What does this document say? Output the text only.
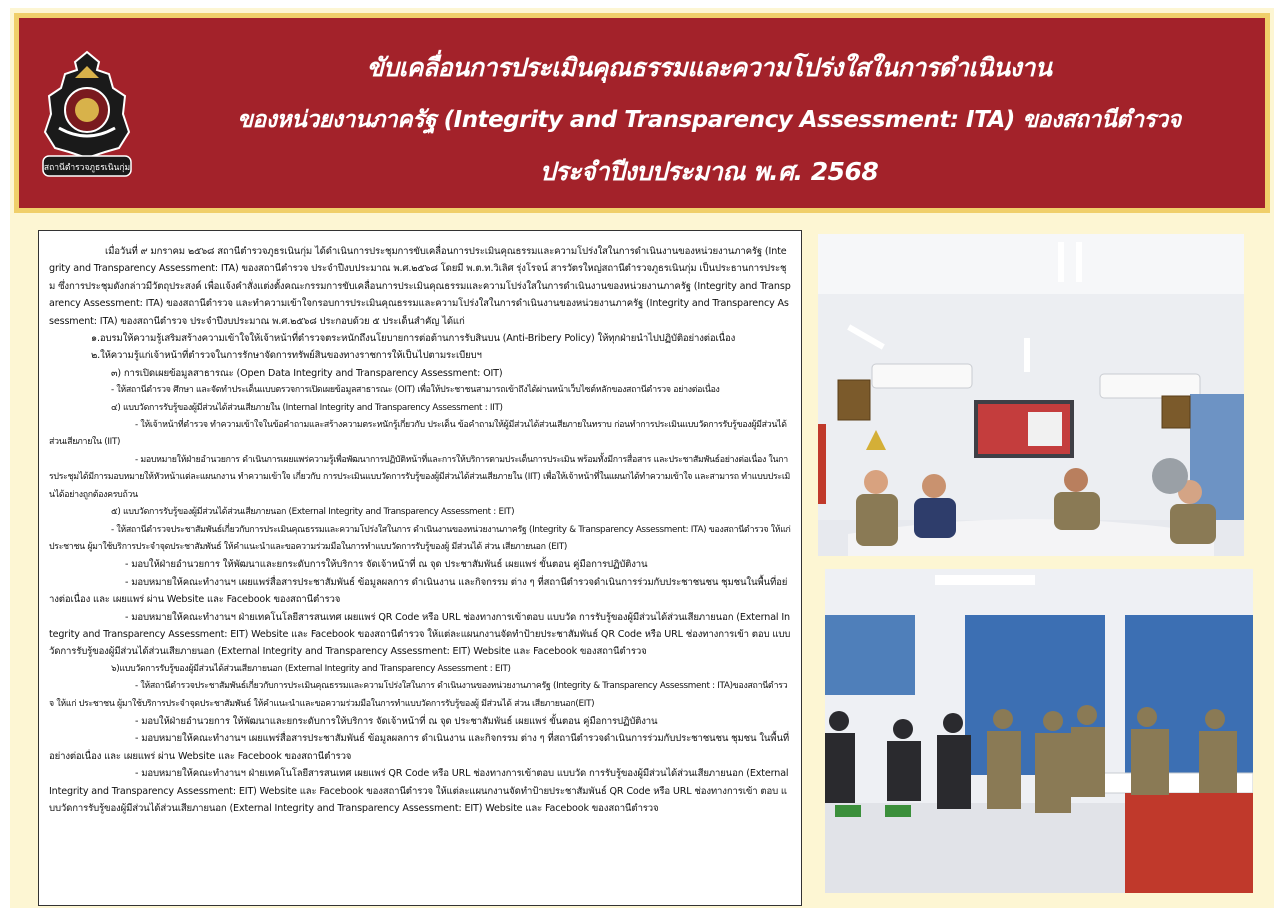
สถานีตำรวจภูธรเนินกุ่ม
ขับเคลื่อนการประเมินคุณธรรมและความโปร่งใสในการดำเนินงาน
ของหน่วยงานภาครัฐ (Integrity and Transparency Assessment: ITA) ของสถานีตำรวจ
ประจำปีงบประมาณ พ.ศ. 2568

เมื่อวันที่ ๙ มกราคม ๒๕๖๘ สถานีตำรวจภูธรเนินกุ่ม ได้ดำเนินการประชุมการขับเคลื่อนการประเมินคุณธรรมและความโปร่งใสในการดำเนินงานของหน่วยงานภาครัฐ (Integrity and Transparency Assessment: ITA) ของสถานีตำรวจ ประจำปีงบประมาณ พ.ศ.๒๕๖๘ โดยมี พ.ต.ท.วิเลิศ รุ่งโรจน์ สารวัตรใหญ่สถานีตำรวจภูธรเนินกุ่ม เป็นประธานการประชุม ซึ่งการประชุมดังกล่าวมีวัตถุประสงค์ เพื่อแจ้งคำสั่งแต่งตั้งคณะกรรมการขับเคลื่อนการประเมินคุณธรรมและความโปร่งใสในการดำเนินงานของหน่วยงานภาครัฐ (Integrity and Transparency Assessment: ITA) ของสถานีตำรวจ และทำความเข้าใจกรอบการประเมินคุณธรรมและความโปร่งใสในการดำเนินงานของหน่วยงานภาครัฐ (Integrity and Transparency Assessment: ITA) ของสถานีตำรวจ ประจำปีงบประมาณ พ.ศ.๒๕๖๘ ประกอบด้วย ๕ ประเด็นสำคัญ ได้แก่

๑.อบรมให้ความรู้เสริมสร้างความเข้าใจให้เจ้าหน้าที่ตำรวจตระหนักถึงนโยบายการต่อต้านการรับสินบน (Anti-Bribery Policy) ให้ทุกฝ่ายนำไปปฏิบัติอย่างต่อเนื่อง

๒.ให้ความรู้แก่เจ้าหน้าที่ตำรวจในการรักษาจัดการทรัพย์สินของทางราชการให้เป็นไปตามระเบียบฯ

๓) การเปิดเผยข้อมูลสาธารณะ (Open Data Integrity and Transparency Assessment: OIT)

- ให้สถานีตำรวจ ศึกษา และจัดทำประเด็นแบบตรวจการเปิดเผยข้อมูลสาธารณะ (OIT) เพื่อให้ประชาชนสามารถเข้าถึงได้ผ่านหน้าเว็บไซต์หลักของสถานีตำรวจ อย่างต่อเนื่อง

๔) แบบวัดการรับรู้ของผู้มีส่วนได้ส่วนเสียภายใน (Internal Integrity and Transparency Assessment : IIT)

- ให้เจ้าหน้าที่ตำรวจ ทำความเข้าใจในข้อคำถามและสร้างความตระหนักรู้เกี่ยวกับ ประเด็น ข้อคำถามให้ผู้มีส่วนได้ส่วนเสียภายในทราบ ก่อนทำการประเมินแบบวัดการรับรู้ของผู้มีส่วนได้ส่วนเสียภายใน (IIT)

- มอบหมายให้ฝ่ายอำนวยการ ดำเนินการเผยแพร่ความรู้เพื่อพัฒนาการปฏิบัติหน้าที่และการให้บริการตามประเด็นการประเมิน พร้อมทั้งมีการสื่อสาร และประชาสัมพันธ์อย่างต่อเนื่อง ในการประชุมได้มีการมอบหมายให้หัวหน้าแต่ละแผนกงาน ทำความเข้าใจ เกี่ยวกับ การประเมินแบบวัดการรับรู้ของผู้มีส่วนได้ส่วนเสียภายใน (IIT) เพื่อให้เจ้าหน้าที่ในแผนกได้ทำความเข้าใจ และสามารถ ทำแบบประเมินได้อย่างถูกต้องครบถ้วน

๕) แบบวัดการรับรู้ของผู้มีส่วนได้ส่วนเสียภายนอก (External Integrity and Transparency Assessment : EIT)

- ให้สถานีตำรวจประชาสัมพันธ์เกี่ยวกับการประเมินคุณธรรมและความโปร่งใสในการ ดำเนินงานของหน่วยงานภาครัฐ (Integrity & Transparency Assessment: ITA) ของสถานีตำรวจ ให้แก่ประชาชน ผู้มาใช้บริการประจำจุดประชาสัมพันธ์ ให้คำแนะนำและขอความร่วมมือในการทำแบบวัดการรับรู้ของผู้ มีส่วนได้ ส่วน เสียภายนอก (EIT)

- มอบให้ฝ่ายอำนวยการ ให้พัฒนาและยกระดับการให้บริการ จัดเจ้าหน้าที่ ณ จุด ประชาสัมพันธ์ เผยแพร่ ขั้นตอน คู่มือการปฏิบัติงาน

- มอบหมายให้คณะทำงานฯ เผยแพร่สื่อสารประชาสัมพันธ์ ข้อมูลผลการ ดำเนินงาน และกิจกรรม ต่าง ๆ ที่สถานีตำรวจดำเนินการร่วมกับประชาชนชน ชุมชนในพื้นที่อย่างต่อเนื่อง และ เผยแพร่ ผ่าน Website และ Facebook ของสถานีตำรวจ

- มอบหมายให้คณะทำงานฯ ฝ่ายเทคโนโลยีสารสนเทศ เผยแพร่ QR Code หรือ URL ช่องทางการเข้าตอบ แบบวัด การรับรู้ของผู้มีส่วนได้ส่วนเสียภายนอก (External Integrity and Transparency Assessment: EIT) Website และ Facebook ของสถานีตำรวจ ให้แต่ละแผนกงานจัดทำป้ายประชาสัมพันธ์ QR Code หรือ URL ช่องทางการเข้า ตอบ แบบวัดการรับรู้ของผู้มีส่วนได้ส่วนเสียภายนอก (External Integrity and Transparency Assessment: EIT) Website และ Facebook ของสถานีตำรวจ

๖)แบบวัดการรับรู้ของผู้มีส่วนได้ส่วนเสียภายนอก (External Integrity and Transparency Assessment : EIT)

- ให้สถานีตำรวจประชาสัมพันธ์เกี่ยวกับการประเมินคุณธรรมและความโปร่งใสในการ ดำเนินงานของหน่วยงานภาครัฐ (Integrity & Transparency Assessment : ITA)ของสถานีตำรวจ ให้แก่ ประชาชน ผู้มาใช้บริการประจำจุดประชาสัมพันธ์ ให้คำแนะนำและขอความร่วมมือในการทำแบบวัดการรับรู้ของผู้ มีส่วนได้ ส่วน เสียภายนอก(EIT)

- มอบให้ฝ่ายอำนวยการ ให้พัฒนาและยกระดับการให้บริการ จัดเจ้าหน้าที่ ณ จุด ประชาสัมพันธ์ เผยแพร่ ขั้นตอน คู่มือการปฏิบัติงาน

- มอบหมายให้คณะทำงานฯ เผยแพร่สื่อสารประชาสัมพันธ์ ข้อมูลผลการ ดำเนินงาน และกิจกรรม ต่าง ๆ ที่สถานีตำรวจดำเนินการร่วมกับประชาชนชน ชุมชน ในพื้นที่อย่างต่อเนื่อง และ เผยแพร่ ผ่าน Website และ Facebook ของสถานีตำรวจ

- มอบหมายให้คณะทำงานฯ ฝ่ายเทคโนโลยีสารสนเทศ เผยแพร่ QR Code หรือ URL ช่องทางการเข้าตอบ แบบวัด การรับรู้ของผู้มีส่วนได้ส่วนเสียภายนอก (External Integrity and Transparency Assessment: EIT) Website และ Facebook ของสถานีตำรวจ ให้แต่ละแผนกงานจัดทำป้ายประชาสัมพันธ์ QR Code หรือ URL ช่องทางการเข้า ตอบ แบบวัดการรับรู้ของผู้มีส่วนได้ส่วนเสียภายนอก (External Integrity and Transparency Assessment: EIT) Website และ Facebook ของสถานีตำรวจ
